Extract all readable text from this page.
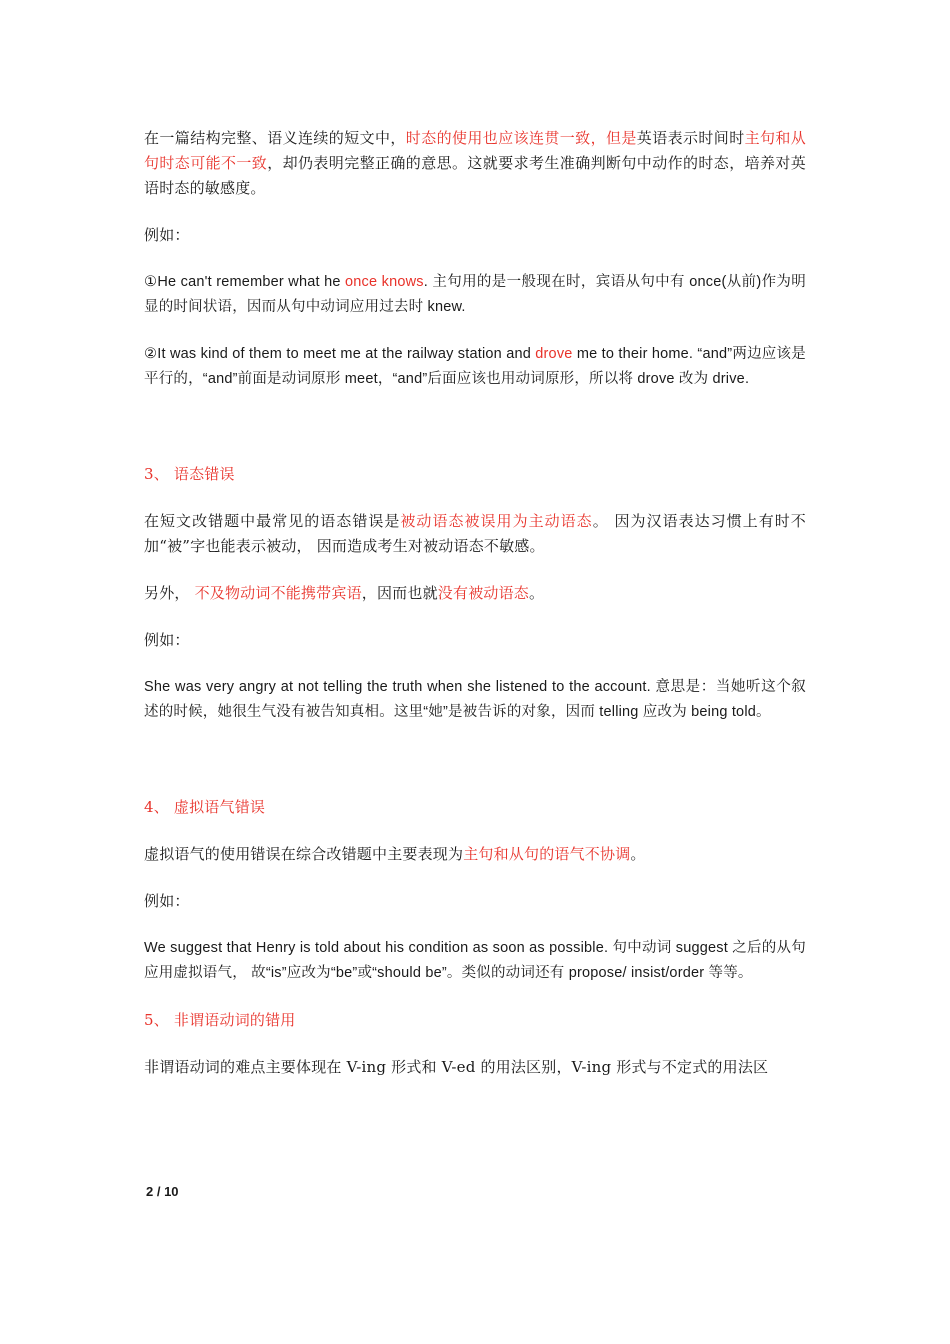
在一篇结构完整、语义连续的短文中，时态的使用也应该连贯一致，但是英语表示时间时主句和从句时态可能不一致，却仍表明完整正确的意思。这就要求考生准确判断句中动作的时态，培养对英语时态的敏感度。

例如：

①He can't remember what he once knows. 主句用的是一般现在时，宾语从句中有 once(从前)作为明显的时间状语，因而从句中动词应用过去时 knew.

②It was kind of them to meet me at the railway station and drove me to their home. “and”两边应该是平行的，“and”前面是动词原形 meet，“and”后面应该也用动词原形，所以将 drove 改为 drive.

3、 语态错误

在短文改错题中最常见的语态错误是被动语态被误用为主动语态。 因为汉语表达习惯上有时不加“被”字也能表示被动， 因而造成考生对被动语态不敏感。

另外， 不及物动词不能携带宾语，因而也就没有被动语态。

例如：

She was very angry at not telling the truth when she listened to the account. 意思是：当她听这个叙述的时候，她很生气没有被告知真相。这里“她”是被告诉的对象，因而 telling 应改为 being told。

4、 虚拟语气错误

虚拟语气的使用错误在综合改错题中主要表现为主句和从句的语气不协调。

例如：

We suggest that Henry is told about his condition as soon as possible. 句中动词 suggest 之后的从句应用虚拟语气， 故“is”应改为“be”或“should be”。类似的动词还有 propose/ insist/order 等等。

5、 非谓语动词的错用

非谓语动词的难点主要体现在 V-ing 形式和 V-ed 的用法区别，V-ing 形式与不定式的用法区

2 / 10
